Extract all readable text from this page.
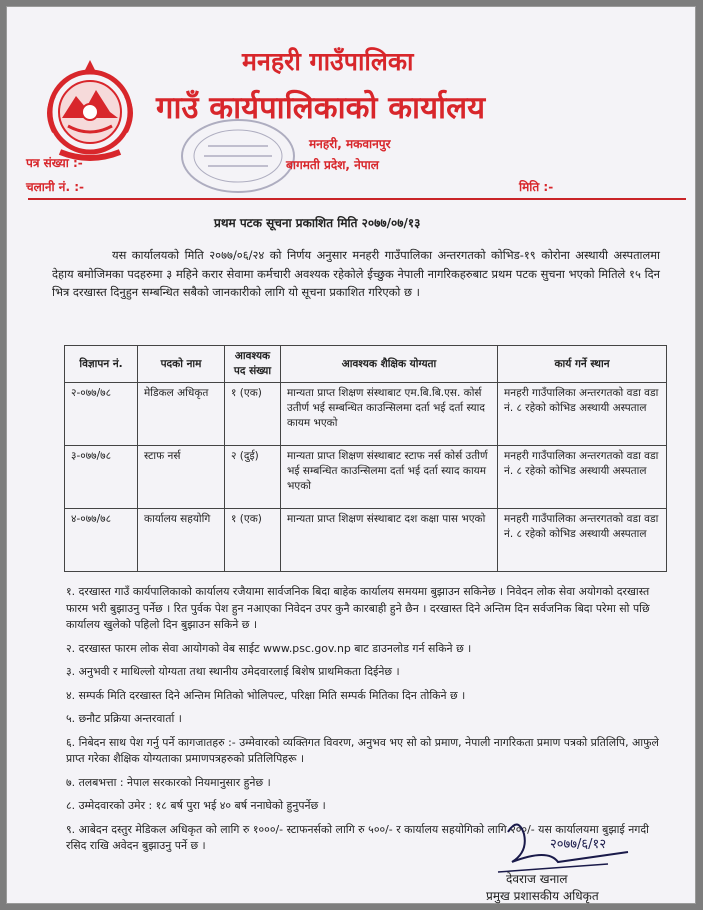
मनहरी गाउँपालिका
गाउँ कार्यपालिकाको कार्यालय
मनहरी, मकवानपुर
बागमती प्रदेश, नेपाल
पत्र संख्या :-
चलानी नं. :-	मिति :-
प्रथम पटक सूचना प्रकाशित मिति २०७७/०७/१३

यस कार्यालयको मिति २०७७/०६/२४ को निर्णय अनुसार मनहरी गाउँपालिका अन्तरगतको कोभिड-१९ कोरोना अस्थायी अस्पतालमा देहाय बमोजिमका पदहरुमा ३ महिने करार सेवामा कर्मचारी अवश्यक रहेकोले ईच्छुक नेपाली नागरिकहरुबाट प्रथम पटक सुचना भएको मितिले १५ दिन भित्र दरखास्त दिनुहुन सम्बन्धित सबैको जानकारीको लागि यो सूचना प्रकाशित गरिएको छ ।

विज्ञापन नं.	पदको नाम	आवश्यक पद संख्या	आवश्यक शैक्षिक योग्यता	कार्य गर्ने स्थान
२-०७७/७८	मेडिकल अधिकृत	१ (एक)	मान्यता प्राप्त शिक्षण संस्थाबाट एम.बि.बि.एस. कोर्स उतीर्ण भई सम्बन्धित काउन्सिलमा दर्ता भई दर्ता स्याद कायम भएको	मनहरी गाउँपालिका अन्तरगतको वडा वडा नं. ८ रहेको कोभिड अस्थायी अस्पताल
३-०७७/७८	स्टाफ नर्स	२ (दुई)	मान्यता प्राप्त शिक्षण संस्थाबाट स्टाफ नर्स कोर्स उतीर्ण भई सम्बन्धित काउन्सिलमा दर्ता भई दर्ता स्याद कायम भएको	मनहरी गाउँपालिका अन्तरगतको वडा वडा नं. ८ रहेको कोभिड अस्थायी अस्पताल
४-०७७/७८	कार्यालय सहयोगि	१ (एक)	मान्यता प्राप्त शिक्षण संस्थाबाट दश कक्षा पास भएको	मनहरी गाउँपालिका अन्तरगतको वडा वडा नं. ८ रहेको कोभिड अस्थायी अस्पताल
१. दरखास्त गाउँ कार्यपालिकाको कार्यालय रजैयामा सार्वजनिक बिदा बाहेक कार्यालय समयमा बुझाउन सकिनेछ । निवेदन लोक सेवा अयोगको दरखास्त फारम भरी बुझाउनु पर्नेछ । रित पुर्वक पेश हुन नआएका निवेदन उपर कुनै कारबाही हुने छैन । दरखास्त दिने अन्तिम दिन सर्वजनिक बिदा परेमा सो पछि कार्यालय खुलेको पहिलो दिन बुझाउन सकिने छ ।
२. दरखास्त फारम लोक सेवा आयोगको वेब साईट www.psc.gov.np बाट डाउनलोड गर्न सकिने छ ।
३. अनुभवी र माथिल्लो योग्यता तथा स्थानीय उमेदवारलाई बिशेष प्राथमिकता दिईनेछ ।
४. सम्पर्क मिति दरखास्त दिने अन्तिम मितिको भोलिपल्ट, परिक्षा मिति सम्पर्क मितिका दिन तोकिने छ ।
५. छनौट प्रक्रिया अन्तरवार्ता ।
६. निबेदन साथ पेश गर्नु पर्ने कागजातहरु :- उम्मेवारको व्यक्तिगत विवरण, अनुभव भए सो को प्रमाण, नेपाली नागरिकता प्रमाण पत्रको प्रतिलिपि, आफुले प्राप्त गरेका शैक्षिक योग्यताका प्रमाणपत्रहरुको प्रतिलिपिहरू ।
७. तलबभत्ता : नेपाल सरकारको नियमानुसार हुनेछ ।
८. उम्मेदवारको उमेर : १८ बर्ष पुरा भई ४० बर्ष ननाघेको हुनुपर्नेछ ।
९. आबेदन दस्तुर मेडिकल अधिकृत को लागि रु १०००/- स्टाफनर्सको लागि रु ५००/- र कार्यालय सहयोगिको लागि २००/- यस कार्यालयमा बुझाई नगदी रसिद राखि अवेदन बुझाउनु पर्ने छ ।	२०७७/६/१२
देवराज खनाल
प्रमुख प्रशासकीय अधिकृत
